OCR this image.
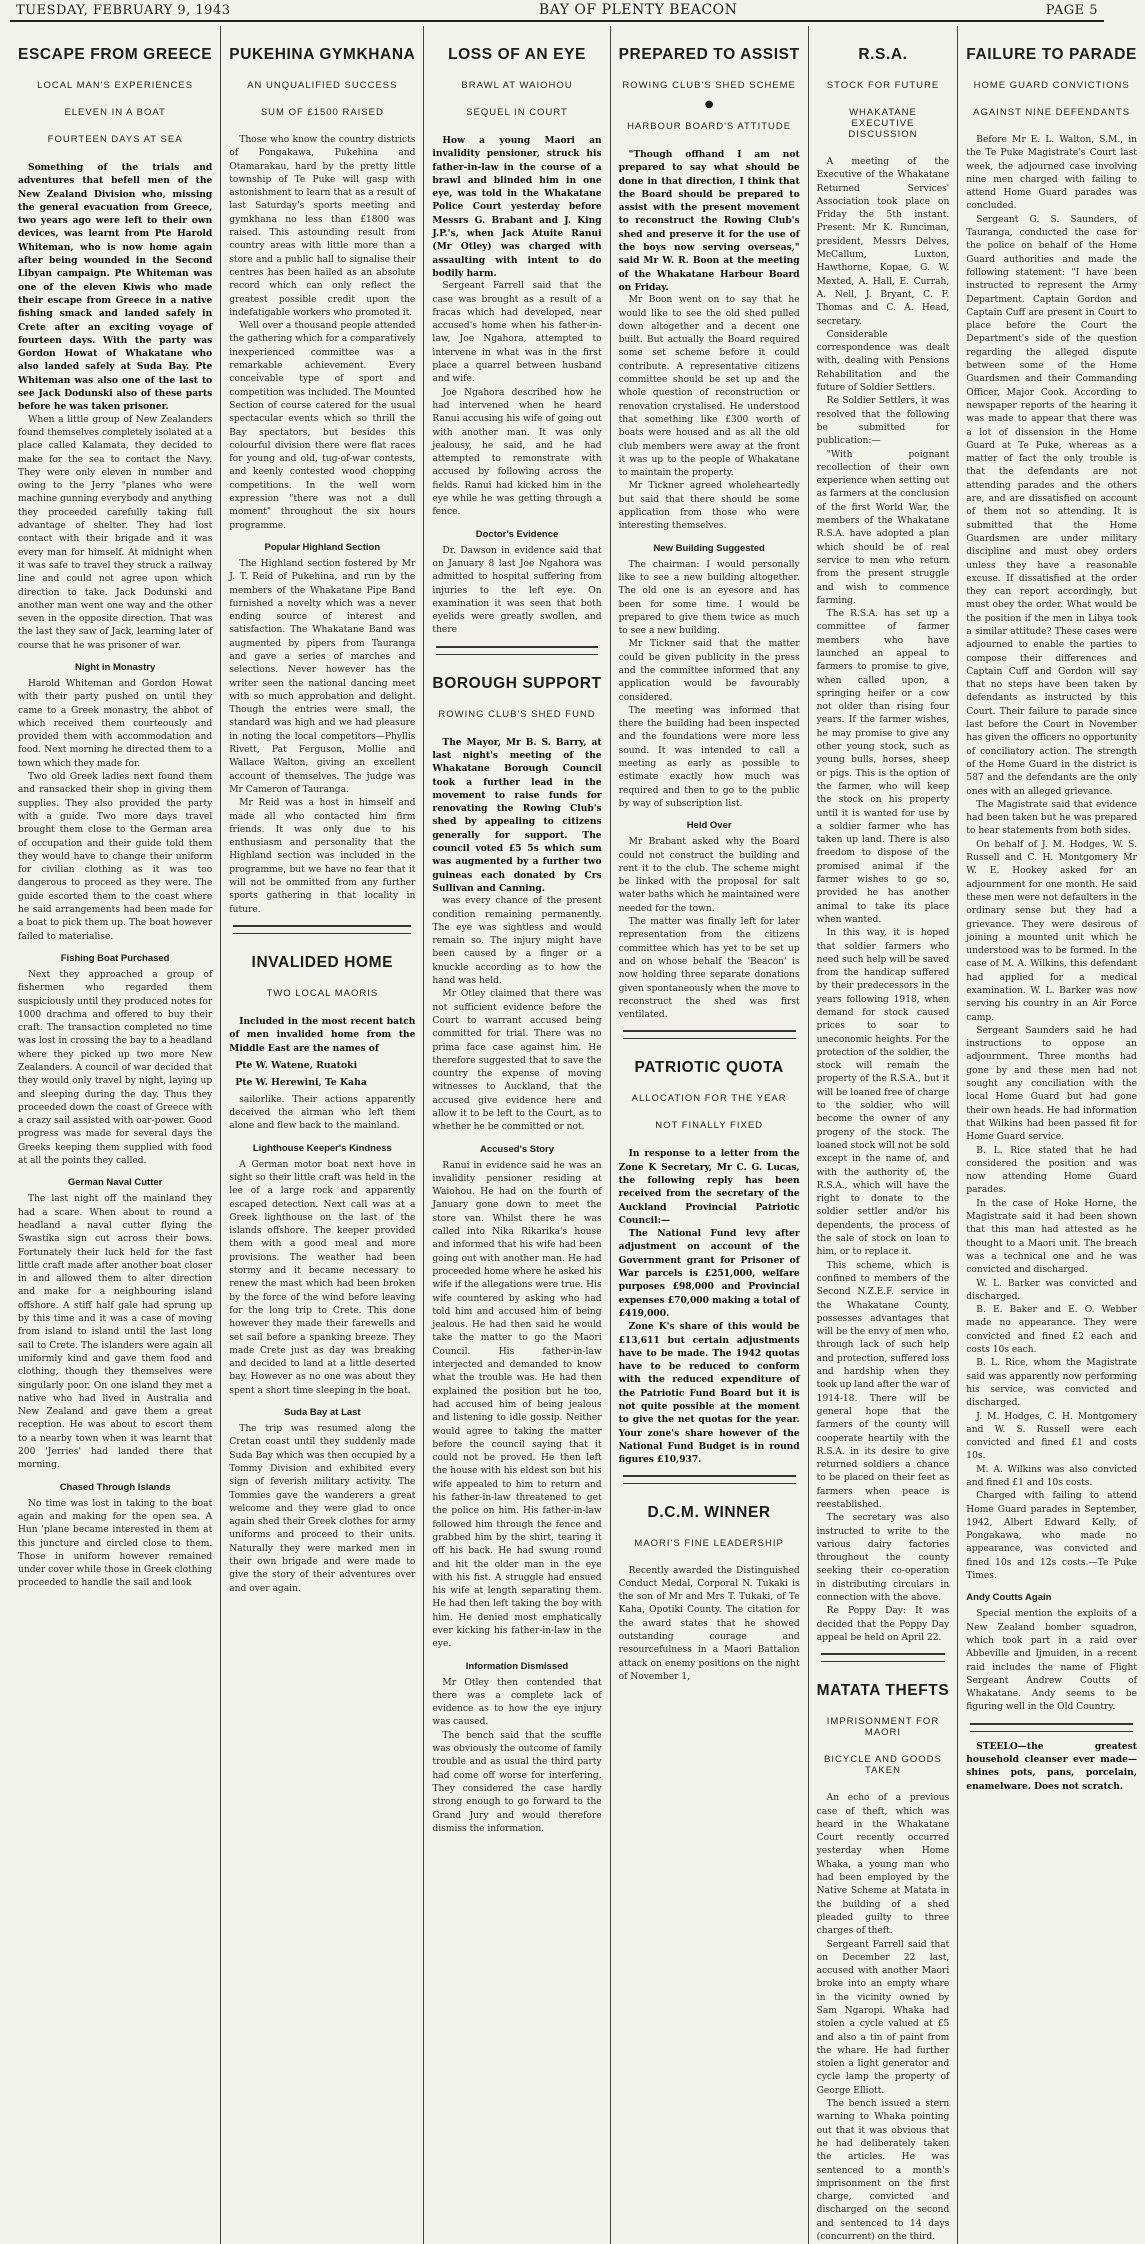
TUESDAY, FEBRUARY 9, 1943	BAY OF PLENTY BEACON	PAGE 5
ESCAPE FROM GREECE
LOCAL MAN'S EXPERIENCES
ELEVEN IN A BOAT
FOURTEEN DAYS AT SEA

Something of the trials and adventures that befell men of the New Zealand Division who, missing the general evacuation from Greece, two years ago were left to their own devices, was learnt from Pte Harold Whiteman, who is now home again after being wounded in the Second Libyan campaign. Pte Whiteman was one of the eleven Kiwis who made their escape from Greece in a native fishing smack and landed safely in Crete after an exciting voyage of fourteen days. With the party was Gordon Howat of Whakatane who also landed safely at Suda Bay. Pte Whiteman was also one of the last to see Jack Dodunski also of these parts before he was taken prisoner.

When a little group of New Zealanders found themselves completely isolated at a place called Kalamata, they decided to make for the sea to contact the Navy. They were only eleven in number and owing to the Jerry "planes who were machine gunning everybody and anything they proceeded carefully taking full advantage of shelter. They had lost contact with their brigade and it was every man for himself. At midnight when it was safe to travel they struck a railway line and could not agree upon which direction to take. Jack Dodunski and another man went one way and the other seven in the opposite direction. That was the last they saw of Jack, learning later of course that he was prisoner of war.

Night in Monastry

Harold Whiteman and Gordon Howat with their party pushed on until they came to a Greek monastry, the abbot of which received them courteously and provided them with accommodation and food. Next morning he directed them to a town which they made for.

Two old Greek ladies next found them and ransacked their shop in giving them supplies. They also provided the party with a guide. Two more days travel brought them close to the German area of occupation and their guide told them they would have to change their uniform for civilian clothing as it was too dangerous to proceed as they were. The guide escorted them to the coast where he said arrangements had been made for a boat to pick them up. The boat however failed to materialise.

Fishing Boat Purchased

Next they approached a group of fishermen who regarded them suspiciously until they produced notes for 1000 drachma and offered to buy their craft. The transaction completed no time was lost in crossing the bay to a headland where they picked up two more New Zealanders. A council of war decided that they would only travel by night, laying up and sleeping during the day. Thus they proceeded down the coast of Greece with a crazy sail assisted with oar-power. Good progress was made for several days the Greeks keeping them supplied with food at all the points they called.

German Naval Cutter

The last night off the mainland they had a scare. When about to round a headland a naval cutter flying the Swastika sign cut across their bows. Fortunately their luck held for the fast little craft made after another boat closer in and allowed them to alter direction and make for a neighbouring island offshore. A stiff half gale had sprung up by this time and it was a case of moving from island to island until the last long sail to Crete. The islanders were again all uniformly kind and gave them food and clothing, though they themselves were singularly poor. On one island they met a native who had lived in Australia and New Zealand and gave them a great reception. He was about to escort them to a nearby town when it was learnt that 200 'Jerries' had landed there that morning.

Chased Through Islands

No time was lost in taking to the boat again and making for the open sea. A Hun 'plane became interested in them at this juncture and circled close to them. Those in uniform however remained under cover while those in Greek clothing proceeded to handle the sail and look

PUKEHINA GYMKHANA
AN UNQUALIFIED SUCCESS
SUM OF £1500 RAISED

Those who know the country districts of Pongakawa, Pukehina and Otamarakau, hard by the pretty little township of Te Puke will gasp with astonishment to learn that as a result of last Saturday's sports meeting and gymkhana no less than £1800 was raised. This astounding result from country areas with little more than a store and a public hall to signalise their centres has been hailed as an absolute record which can only reflect the greatest possible credit upon the indefatigable workers who promoted it.

Well over a thousand people attended the gathering which for a comparatively inexperienced committee was a remarkable achievement. Every conceivable type of sport and competition was included. The Mounted Section of course catered for the usual spectacular events which so thrill the Bay spectators, but besides this colourful division there were flat races for young and old, tug-of-war contests, and keenly contested wood chopping competitions. In the well worn expression "there was not a dull moment" throughout the six hours programme.

Popular Highland Section

The Highland section fostered by Mr J. T. Reid of Pukehina, and run by the members of the Whakatane Pipe Band furnished a novelty which was a never ending source of interest and satisfaction. The Whakatane Band was augmented by pipers from Tauranga and gave a series of marches and selections. Never however has the writer seen the national dancing meet with so much approbation and delight. Though the entries were small, the standard was high and we had pleasure in noting the local competitors—Phyllis Rivett, Pat Ferguson, Mollie and Wallace Walton, giving an excellent account of themselves. The judge was Mr Cameron of Tauranga.

Mr Reid was a host in himself and made all who contacted him firm friends. It was only due to his enthusiasm and personality that the Highland section was included in the programme, but we have no fear that it will not be ommitted from any further sports gathering in that locality in future.

INVALIDED HOME
TWO LOCAL MAORIS

Included in the most recent batch of men invalided home from the Middle East are the names of

Pte W. Watene, Ruatoki
Pte W. Herewini, Te Kaha

sailorlike. Their actions apparently deceived the airman who left them alone and flew back to the mainland.

Lighthouse Keeper's Kindness

A German motor boat next hove in sight so their little craft was held in the lee of a large rock and apparently escaped detection. Next call was at a Greek lighthouse on the last of the islands offshore. The keeper provided them with a good meal and more provisions. The weather had been stormy and it became necessary to renew the mast which had been broken by the force of the wind before leaving for the long trip to Crete. This done however they made their farewells and set sail before a spanking breeze. They made Crete just as day was breaking and decided to land at a little deserted bay. However as no one was about they spent a short time sleeping in the boat.

Suda Bay at Last

The trip was resumed along the Cretan coast until they suddenly made Suda Bay which was then occupied by a Tommy Division and exhibited every sign of feverish military activity. The Tommies gave the wanderers a great welcome and they were glad to once again shed their Greek clothes for army uniforms and proceed to their units. Naturally they were marked men in their own brigade and were made to give the story of their adventures over and over again.

LOSS OF AN EYE
BRAWL AT WAIOHOU
SEQUEL IN COURT

How a young Maori an invalidity pensioner, struck his father-in-law in the course of a brawl and blinded him in one eye, was told in the Whakatane Police Court yesterday before Messrs G. Brabant and J. King J.P.'s, when Jack Atuite Ranui (Mr Otley) was charged with assaulting with intent to do bodily harm.

Sergeant Farrell said that the case was brought as a result of a fracas which had developed, near accused's home when his father-in-law, Joe Ngahora, attempted to intervene in what was in the first place a quarrel between husband and wife.

Joe Ngahora described how he had intervened when he heard Ranui accusing his wife of going out with another man. It was only jealousy, he said, and he had attempted to remonstrate with accused by following across the fields. Ranui had kicked him in the eye while he was getting through a fence.

Doctor's Evidence

Dr. Dawson in evidence said that on January 8 last Joe Ngahora was admitted to hospital suffering from injuries to the left eye. On examination it was seen that both eyelids were greatly swollen, and there

BOROUGH SUPPORT
ROWING CLUB'S SHED FUND

The Mayor, Mr B. S. Barry, at last night's meeting of the Whakatane Borough Council took a further lead in the movement to raise funds for renovating the Rowing Club's shed by appealing to citizens generally for support. The council voted £5 5s which sum was augmented by a further two guineas each donated by Crs Sullivan and Canning.

was every chance of the present condition remaining permanently. The eye was sightless and would remain so. The injury might have been caused by a finger or a knuckle according as to how the hand was held.

Mr Otley claimed that there was not sufficient evidence before the Court to warrant accused being committed for trial. There was no prima face case against him. He therefore suggested that to save the country the expense of moving witnesses to Auckland, that the accused give evidence here and allow it to be left to the Court, as to whether he be committed or not.

Accused's Story

Ranui in evidence said he was an invalidity pensioner residing at Waiohou. He had on the fourth of January gone down to meet the store van. Whilst there he was called into Nika Rikarika's house and informed that his wife had been going out with another man. He had proceeded home where he asked his wife if the allegations were true. His wife countered by asking who had told him and accused him of being jealous. He had then said he would take the matter to go the Maori Council. His father-in-law interjected and demanded to know what the trouble was. He had then explained the position but he too, had accused him of being jealous and listening to idle gossip. Neither would agree to taking the matter before the council saying that it could not be proved. He then left the house with his eldest son but his wife appealed to him to return and his father-in-law threatened to get the police on him. His father-in-law followed him through the fence and grabbed him by the shirt, tearing it off his back. He had swung round and hit the older man in the eye with his fist. A struggle had ensued his wife at length separating them. He had then left taking the boy with him. He denied most emphatically ever kicking his father-in-law in the eye.

Information Dismissed

Mr Otley then contended that there was a complete lack of evidence as to how the eye injury was caused.

The bench said that the scuffle was obviously the outcome of family trouble and as usual the third party had come off worse for interfering. They considered the case hardly strong enough to go forward to the Grand Jury and would therefore dismiss the information.

PREPARED TO ASSIST
ROWING CLUB'S SHED SCHEME
●
HARBOUR BOARD'S ATTITUDE

"Though offhand I am not prepared to say what should be done in that direction, I think that the Board should be prepared to assist with the present movement to reconstruct the Rowing Club's shed and preserve it for the use of the boys now serving overseas," said Mr W. R. Boon at the meeting of the Whakatane Harbour Board on Friday.

Mr Boon went on to say that he would like to see the old shed pulled down altogether and a decent one built. But actually the Board required some set scheme before it could contribute. A representative citizens committee should be set up and the whole question of reconstruction or renovation crystalised. He understood that something like £300 worth of boats were housed and as all the old club members were away at the front it was up to the people of Whakatane to maintain the property.

Mr Tickner agreed wholeheartedly but said that there should be some application from those who were interesting themselves.

New Building Suggested

The chairman: I would personally like to see a new building altogether. The old one is an eyesore and has been for some time. I would be prepared to give them twice as much to see a new building.

Mr Tickner said that the matter could be given publicity in the press and the committee informed that any application would be favourably considered.

The meeting was informed that there the building had been inspected and the foundations were more less sound. It was intended to call a meeting as early as possible to estimate exactly how much was required and then to go to the public by way of subscription list.

Held Over

Mr Brabant asked why the Board could not construct the building and rent it to the club. The scheme might be linked with the proposal for salt water baths which he maintained were needed for the town.

The matter was finally left for later representation from the citizens committee which has yet to be set up and on whose behalf the 'Beacon' is now holding three separate donations given spontaneously when the move to reconstruct the shed was first ventilated.

PATRIOTIC QUOTA
ALLOCATION FOR THE YEAR
NOT FINALLY FIXED

In response to a letter from the Zone K Secretary, Mr C. G. Lucas, the following reply has been received from the secretary of the Auckland Provincial Patriotic Council:—

The National Fund levy after adjustment on account of the Government grant for Prisoner of War parcels is £251,000, welfare purposes £98,000 and Provincial expenses £70,000 making a total of £419,000.

Zone K's share of this would be £13,611 but certain adjustments have to be made. The 1942 quotas have to be reduced to conform with the reduced expenditure of the Patriotic Fund Board but it is not quite possible at the moment to give the net quotas for the year. Your zone's share however of the National Fund Budget is in round figures £10,937.

D.C.M. WINNER
MAORI'S FINE LEADERSHIP

Recently awarded the Distinguished Conduct Medal, Corporal N. Tukaki is the son of Mr and Mrs T. Tukaki, of Te Kaha, Opotiki County. The citation for the award states that he showed outstanding courage and resourcefulness in a Maori Battalion attack on enemy positions on the night of November 1,

R.S.A.
STOCK FOR FUTURE
WHAKATANE EXECUTIVE DISCUSSION

A meeting of the Executive of the Whakatane Returned Services' Association took place on Friday the 5th instant. Present: Mr K. Runciman, president, Messrs Delves, McCallum, Luxton, Hawthorne, Kopae, G. W. Mexted, A. Hall, E. Currah, A. Nell, J. Bryant, C. F. Thomas and C. A. Head, secretary.

Considerable correspondence was dealt with, dealing with Pensions Rehabilitation and the future of Soldier Settlers.

Re Soldier Settlers, it was resolved that the following be submitted for publication:—

"With poignant recollection of their own experience when setting out as farmers at the conclusion of the first World War, the members of the Whakatane R.S.A. have adopted a plan which should be of real service to men who return from the present struggle and wish to commence farming.

The R.S.A. has set up a committee of farmer members who have launched an appeal to farmers to promise to give, when called upon, a springing heifer or a cow not older than rising four years. If the farmer wishes, he may promise to give any other young stock, such as young bulls, horses, sheep or pigs. This is the option of the farmer, who will keep the stock on his property until it is wanted for use by a soldier farmer who has taken up land. There is also freedom to dispose of the promised animal if the farmer wishes to go so, provided he has another animal to take its place when wanted.

In this way, it is hoped that soldier farmers who need such help will be saved from the handicap suffered by their predecessors in the years following 1918, when demand for stock caused prices to soar to uneconomic heights. For the protection of the soldier, the stock will remain the property of the R.S.A., but it will be loaned free of charge to the soldier, who will become the owner of any progeny of the stock. The loaned stock will not be sold except in the name of, and with the authority of, the R.S.A., which will have the right to donate to the soldier settler and/or his dependents, the process of the sale of stock on loan to him, or to replace it.

This scheme, which is confined to members of the Second N.Z.E.F. service in the Whakatane County, possesses advantages that will be the envy of men who, through lack of such help and protection, suffered loss and hardship when they took up land after the war of 1914-18. There will be general hope that the farmers of the county will cooperate heartily with the R.S.A. in its desire to give returned soldiers a chance to be placed on their feet as farmers when peace is reestablished.

The secretary was also instructed to write to the various dairy factories throughout the county seeking their co-operation in distributing circulars in connection with the above.

Re Poppy Day: It was decided that the Poppy Day appeal be held on April 22.

MATATA THEFTS
IMPRISONMENT FOR MAORI
BICYCLE AND GOODS TAKEN

An echo of a previous case of theft, which was heard in the Whakatane Court recently occurred yesterday when Home Whaka, a young man who had been employed by the Native Scheme at Matata in the building of a shed pleaded guilty to three charges of theft.

Sergeant Farrell said that on December 22 last, accused with another Maori broke into an empty whare in the vicinity owned by Sam Ngaropi. Whaka had stolen a cycle valued at £5 and also a tin of paint from the whare. He had further stolen a light generator and cycle lamp the property of George Elliott.

The bench issued a stern warning to Whaka pointing out that it was obvious that he had deliberately taken the articles. He was sentenced to a month's imprisonment on the first charge, convicted and discharged on the second and sentenced to 14 days (concurrent) on the third.

FAILURE TO PARADE
HOME GUARD CONVICTIONS
AGAINST NINE DEFENDANTS

Before Mr E. L. Walton, S.M., in the Te Puke Magistrate's Court last week, the adjourned case involving nine men charged with failing to attend Home Guard parades was concluded.

Sergeant G. S. Saunders, of Tauranga, conducted the case for the police on behalf of the Home Guard authorities and made the following statement: "I have been instructed to represent the Army Department. Captain Gordon and Captain Cuff are present in Court to place before the Court the Department's side of the question regarding the alleged dispute between some of the Home Guardsmen and their Commanding Officer, Major Cook. According to newspaper reports of the hearing it was made to appear that there was a lot of dissension in the Home Guard at Te Puke, whereas as a matter of fact the only trouble is that the defendants are not attending parades and the others are, and are dissatisfied on account of them not so attending. It is submitted that the Home Guardsmen are under military discipline and must obey orders unless they have a reasonable excuse. If dissatisfied at the order they can report accordingly, but must obey the order. What would be the position if the men in Libya took a similar attitude? These cases were adjourned to enable the parties to compose their differences and Captain Cuff and Gordon will say that no steps have been taken by defendants as instructed by this Court. Their failure to parade since last before the Court in November has given the officers no opportunity of conciliatory action. The strength of the Home Guard in the district is 587 and the defendants are the only ones with an alleged grievance.

The Magistrate said that evidence had been taken but he was prepared to hear statements from both sides.

On behalf of J. M. Hodges, W. S. Russell and C. H. Montgomery Mr W. E. Hookey asked for an adjournment for one month. He said these men were not defaulters in the ordinary sense but they had a grievance. They were desirous of joining a mounted unit which he understood was to be formed. In the case of M. A. Wilkins, this defendant had applied for a medical examination. W. L. Barker was now serving his country in an Air Force camp.

Sergeant Saunders said he had instructions to oppose an adjournment. Three months had gone by and these men had not sought any conciliation with the local Home Guard but had gone their own heads. He had information that Wilkins had been passed fit for Home Guard service.

B. L. Rice stated that he had considered the position and was now attending Home Guard parades.

In the case of Hoke Horne, the Magistrate said it had been shown that this man had attested as he thought to a Maori unit. The breach was a technical one and he was convicted and discharged.

W. L. Barker was convicted and discharged.

B. E. Baker and E. O. Webber made no appearance. They were convicted and fined £2 each and costs 10s each.

B. L. Rice, whom the Magistrate said was apparently now performing his service, was convicted and discharged.

J. M. Hodges, C. H. Montgomery and W. S. Russell were each convicted and fined £1 and costs 10s.

M. A. Wilkins was also convicted and fined £1 and 10s costs.

Charged with failing to attend Home Guard parades in September, 1942, Albert Edward Kelly, of Pongakawa, who made no appearance, was convicted and fined 10s and 12s costs.—Te Puke Times.

Andy Coutts Again

Special mention the exploits of a New Zealand bomber squadron, which took part in a raid over Abbeville and Ijmuiden, in a recent raid includes the name of Flight Sergeant Andrew Coutts of Whakatane. Andy seems to be figuring well in the Old Country.

STEELO—the greatest household cleanser ever made—shines pots, pans, porcelain, enamelware. Does not scratch.
